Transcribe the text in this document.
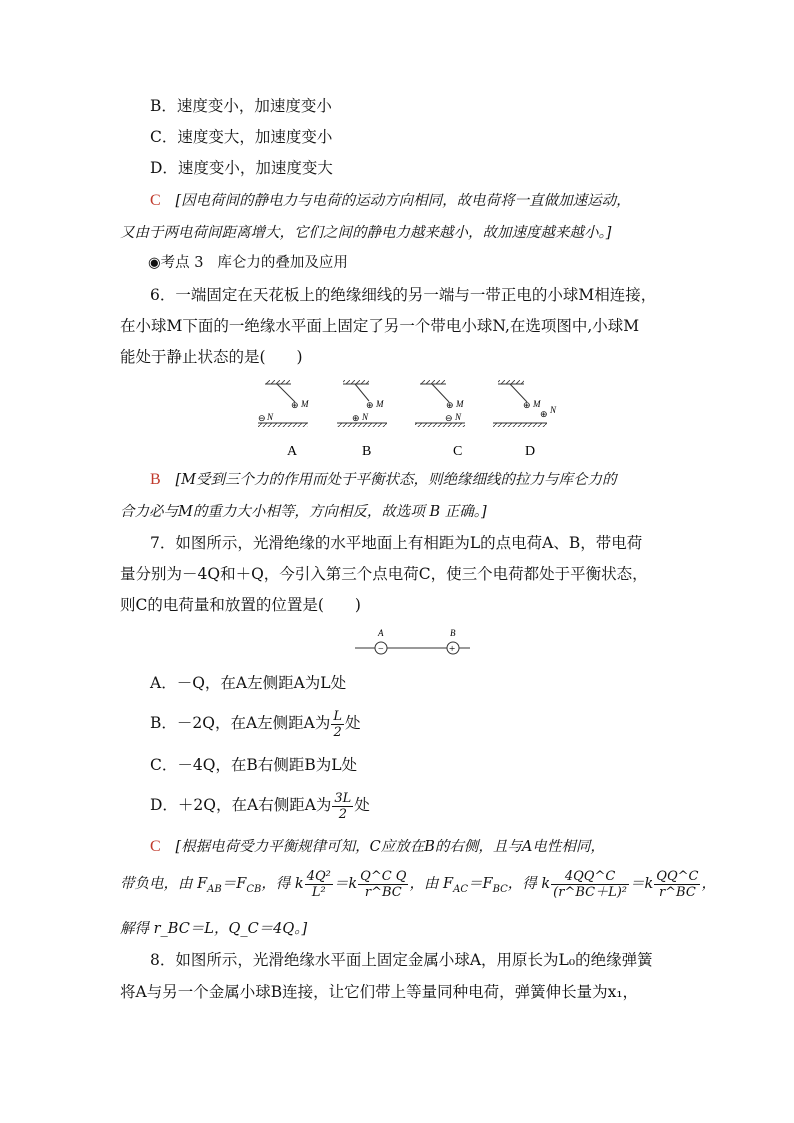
B．速度变小，加速度变小
C．速度变大，加速度变小
D．速度变小，加速度变大
C [因电荷间的静电力与电荷的运动方向相同，故电荷将一直做加速运动，
又由于两电荷间距离增大，它们之间的静电力越来越小，故加速度越来越小。]
◉考点 3 库仑力的叠加及应用
6．一端固定在天花板上的绝缘细线的另一端与一带正电的小球M相连接，
在小球M下面的一绝缘水平面上固定了另一个带电小球N,在选项图中,小球M
能处于静止状态的是(　　)
⊕ M
⊖ N
⊕ M
⊕ N
⊕ M
⊖ N
⊕ M
⊕ N
A	B	C	D
B [M受到三个力的作用而处于平衡状态，则绝缘细线的拉力与库仑力的
合力必与M的重力大小相等，方向相反，故选项 B 正确。]
7．如图所示，光滑绝缘的水平地面上有相距为L的点电荷A、B，带电荷
量分别为－4Q和＋Q，今引入第三个点电荷C，使三个电荷都处于平衡状态，
则C的电荷量和放置的位置是(　　)
−	+
A	B
A．－Q，在A左侧距A为L处
B．－2Q，在A左侧距A为 $\frac{L}{2}$ 处
C．－4Q，在B右侧距B为L处
D．＋2Q，在A右侧距A为 $\frac{3L}{2}$ 处
C [根据电荷受力平衡规律可知，C应放在B的右侧，且与A电性相同，
带负电，由 $F_{AB}=F_{CB}$，得 k $\frac{\text{4Q²}}{\text{L²}} =k \frac{\text{Q\textasciicircum{}C Q}}{r\^{}BC}$ ，由 $F_{AC}=F_{BC}$，得 k $\frac{4QQ\^{}C}{\text{(r\textasciicircum{}BC＋L)²}} =k \frac{QQ\^{}C}{r\^{}BC}$ ，
解得 r_BC＝L，Q_C＝4Q。]
8．如图所示，光滑绝缘水平面上固定金属小球A，用原长为L₀的绝缘弹簧
将A与另一个金属小球B连接，让它们带上等量同种电荷，弹簧伸长量为x₁，
